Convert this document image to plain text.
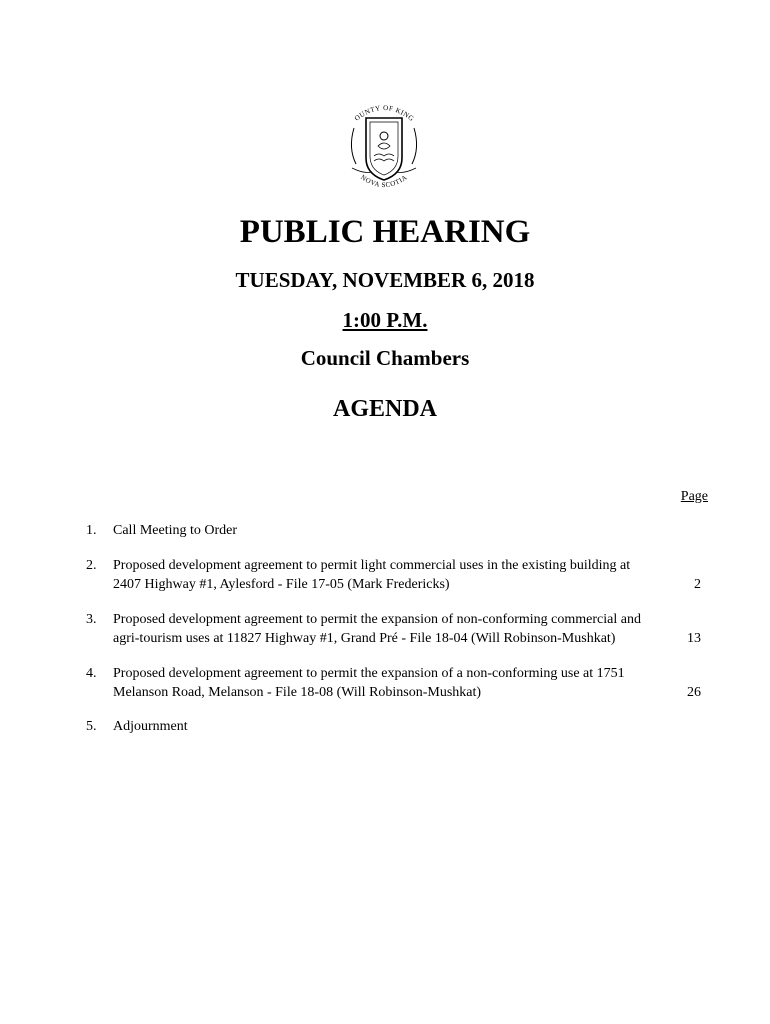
OUNTY OF KING
NOVA SCOTIA
PUBLIC HEARING
TUESDAY, NOVEMBER 6, 2018
1:00 P.M.
Council Chambers
AGENDA
Page
1.	Call Meeting to Order
2.	Proposed development agreement to permit light commercial uses in the existing building at
2407 Highway #1, Aylesford - File 17-05 (Mark Fredericks)	2
3.	Proposed development agreement to permit the expansion of non-conforming commercial and
agri-tourism uses at 11827 Highway #1, Grand Pré - File 18-04 (Will Robinson-Mushkat)	13
4.	Proposed development agreement to permit the expansion of a non-conforming use at 1751
Melanson Road, Melanson - File 18-08 (Will Robinson-Mushkat)	26
5.	Adjournment
